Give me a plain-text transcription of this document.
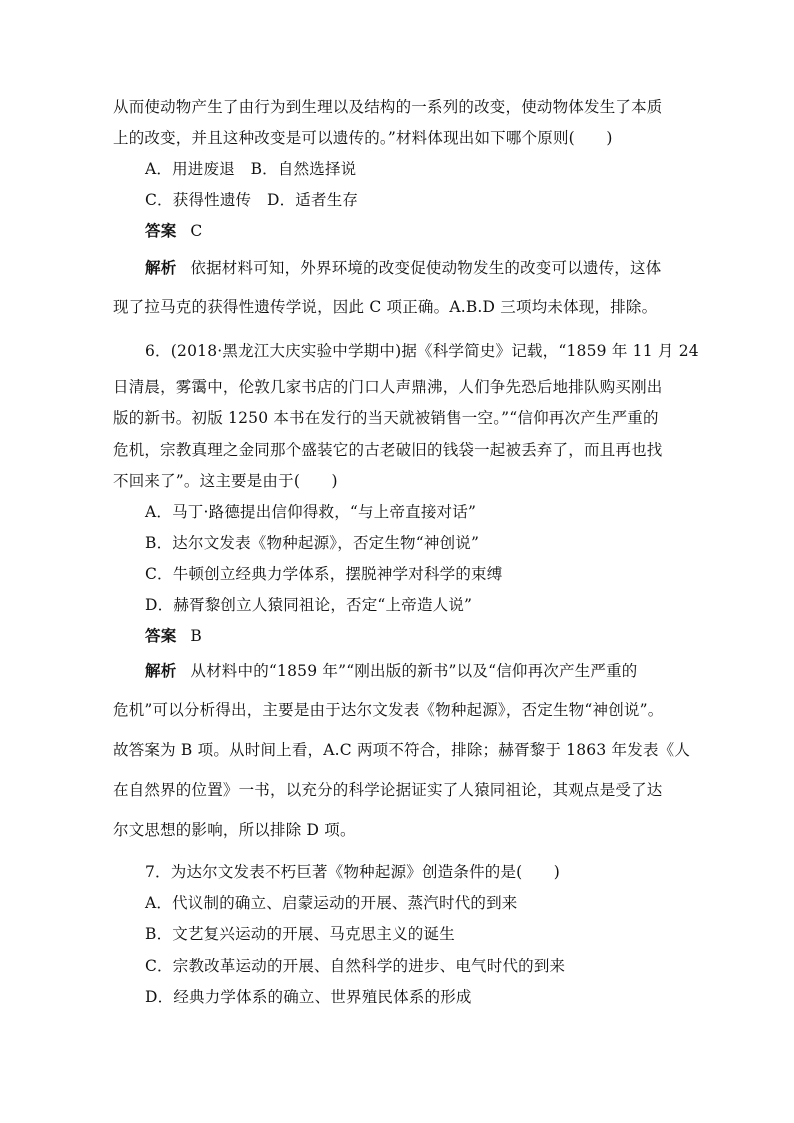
从而使动物产生了由行为到生理以及结构的一系列的改变，使动物体发生了本质
上的改变，并且这种改变是可以遗传的。”材料体现出如下哪个原则(　　)
A．用进废退　B．自然选择说
C．获得性遗传　D．适者生存
答案 C
解析 依据材料可知，外界环境的改变促使动物发生的改变可以遗传，这体
现了拉马克的获得性遗传学说，因此 C 项正确。A.B.D 三项均未体现，排除。
6．(2018·黑龙江大庆实验中学期中)据《科学简史》记载，“1859 年 11 月 24
日清晨，雾霭中，伦敦几家书店的门口人声鼎沸，人们争先恐后地排队购买刚出
版的新书。初版 1250 本书在发行的当天就被销售一空。”“信仰再次产生严重的
危机，宗教真理之金同那个盛装它的古老破旧的钱袋一起被丢弃了，而且再也找
不回来了”。这主要是由于(　　)
A．马丁·路德提出信仰得救，“与上帝直接对话”
B．达尔文发表《物种起源》，否定生物“神创说”
C．牛顿创立经典力学体系，摆脱神学对科学的束缚
D．赫胥黎创立人猿同祖论，否定“上帝造人说”
答案 B
解析 从材料中的“1859 年”“刚出版的新书”以及“信仰再次产生严重的
危机”可以分析得出，主要是由于达尔文发表《物种起源》，否定生物“神创说”。
故答案为 B 项。从时间上看，A.C 两项不符合，排除；赫胥黎于 1863 年发表《人
在自然界的位置》一书，以充分的科学论据证实了人猿同祖论，其观点是受了达
尔文思想的影响，所以排除 D 项。
7．为达尔文发表不朽巨著《物种起源》创造条件的是(　　)
A．代议制的确立、启蒙运动的开展、蒸汽时代的到来
B．文艺复兴运动的开展、马克思主义的诞生
C．宗教改革运动的开展、自然科学的进步、电气时代的到来
D．经典力学体系的确立、世界殖民体系的形成
